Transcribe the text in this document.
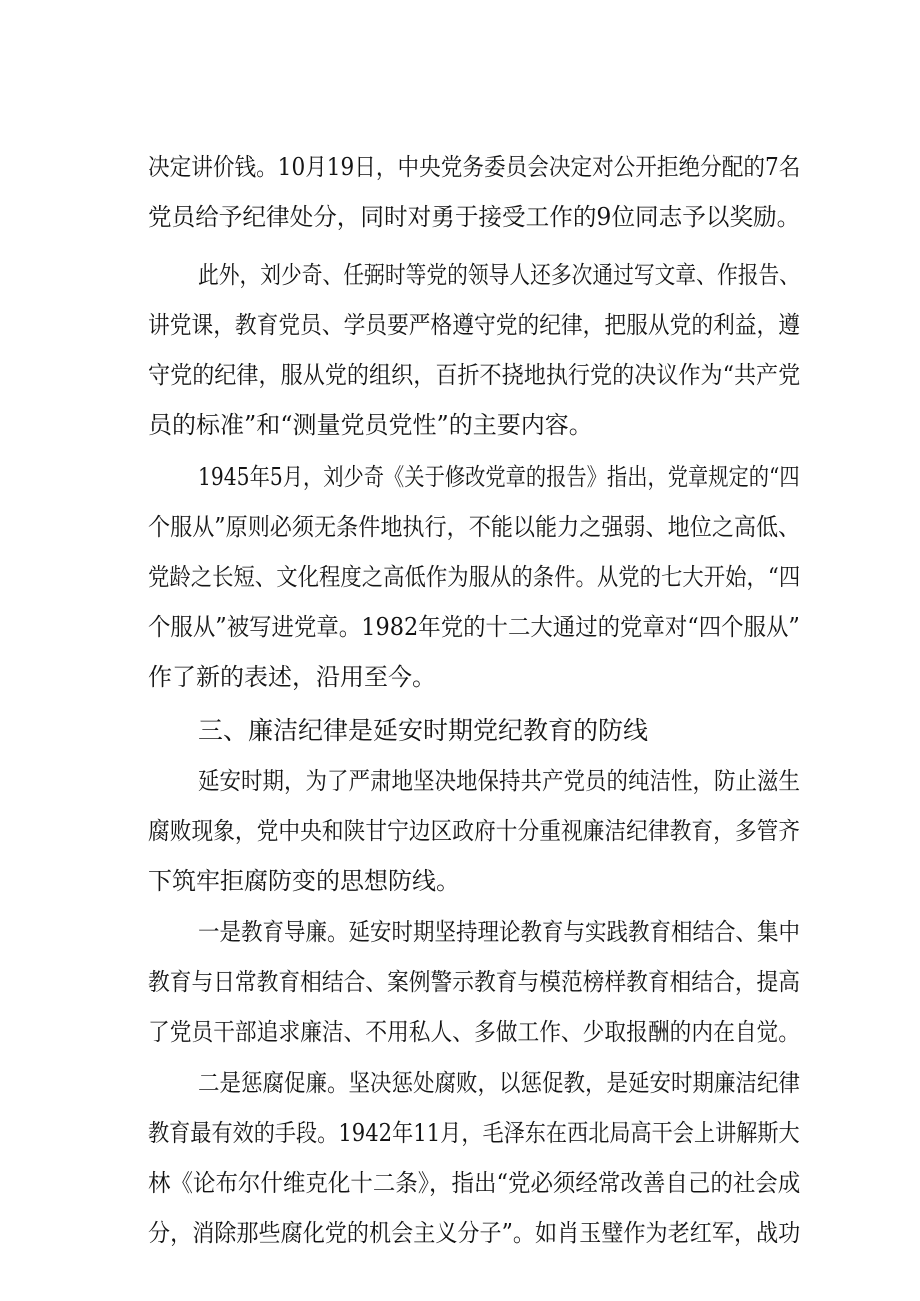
决定讲价钱。10月19日，中央党务委员会决定对公开拒绝分配的7名
党员给予纪律处分，同时对勇于接受工作的9位同志予以奖励。
此外，刘少奇、任弼时等党的领导人还多次通过写文章、作报告、
讲党课，教育党员、学员要严格遵守党的纪律，把服从党的利益，遵
守党的纪律，服从党的组织，百折不挠地执行党的决议作为“共产党
员的标准”和“测量党员党性”的主要内容。
1945年5月，刘少奇《关于修改党章的报告》指出，党章规定的“四
个服从”原则必须无条件地执行，不能以能力之强弱、地位之高低、
党龄之长短、文化程度之高低作为服从的条件。从党的七大开始，“四
个服从”被写进党章。1982年党的十二大通过的党章对“四个服从”
作了新的表述，沿用至今。
三、廉洁纪律是延安时期党纪教育的防线
延安时期，为了严肃地坚决地保持共产党员的纯洁性，防止滋生
腐败现象，党中央和陕甘宁边区政府十分重视廉洁纪律教育，多管齐
下筑牢拒腐防变的思想防线。
一是教育导廉。延安时期坚持理论教育与实践教育相结合、集中
教育与日常教育相结合、案例警示教育与模范榜样教育相结合，提高
了党员干部追求廉洁、不用私人、多做工作、少取报酬的内在自觉。
二是惩腐促廉。坚决惩处腐败，以惩促教，是延安时期廉洁纪律
教育最有效的手段。1942年11月，毛泽东在西北局高干会上讲解斯大
林《论布尔什维克化十二条》，指出“党必须经常改善自己的社会成
分，消除那些腐化党的机会主义分子”。如肖玉璧作为老红军，战功
